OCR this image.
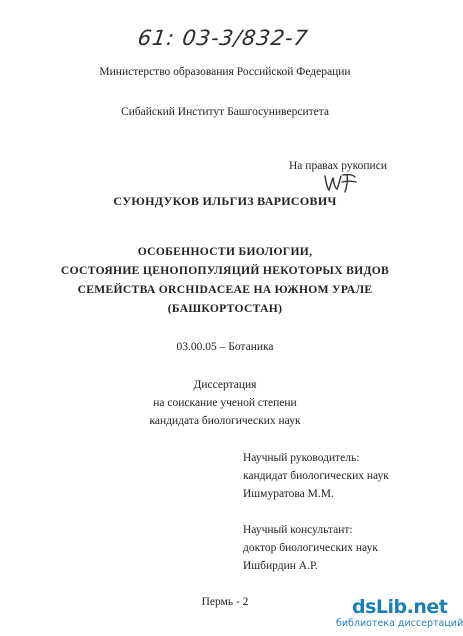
61: 03-3/832-7
Министерство образования Российской Федерации
Сибайский Институт Башгосуниверситета
На правах рукописи
СУЮНДУКОВ ИЛЬГИЗ ВАРИСОВИЧ
ОСОБЕННОСТИ БИОЛОГИИ,
СОСТОЯНИЕ ЦЕНОПОПУЛЯЦИЙ НЕКОТОРЫХ ВИДОВ
СЕМЕЙСТВА ORCHIDACEAE НА ЮЖНОМ УРАЛЕ
(БАШКОРТОСТАН)
03.00.05 – Ботаника
Диссертация
на соискание ученой степени
кандидата биологических наук
Научный руководитель:
кандидат биологических наук
Ишмуратова М.М.
Научный консультант:
доктор биологических наук
Ишбирдин А.Р.
Пермь - 2	dsLib.net
библиотека диссертаций
